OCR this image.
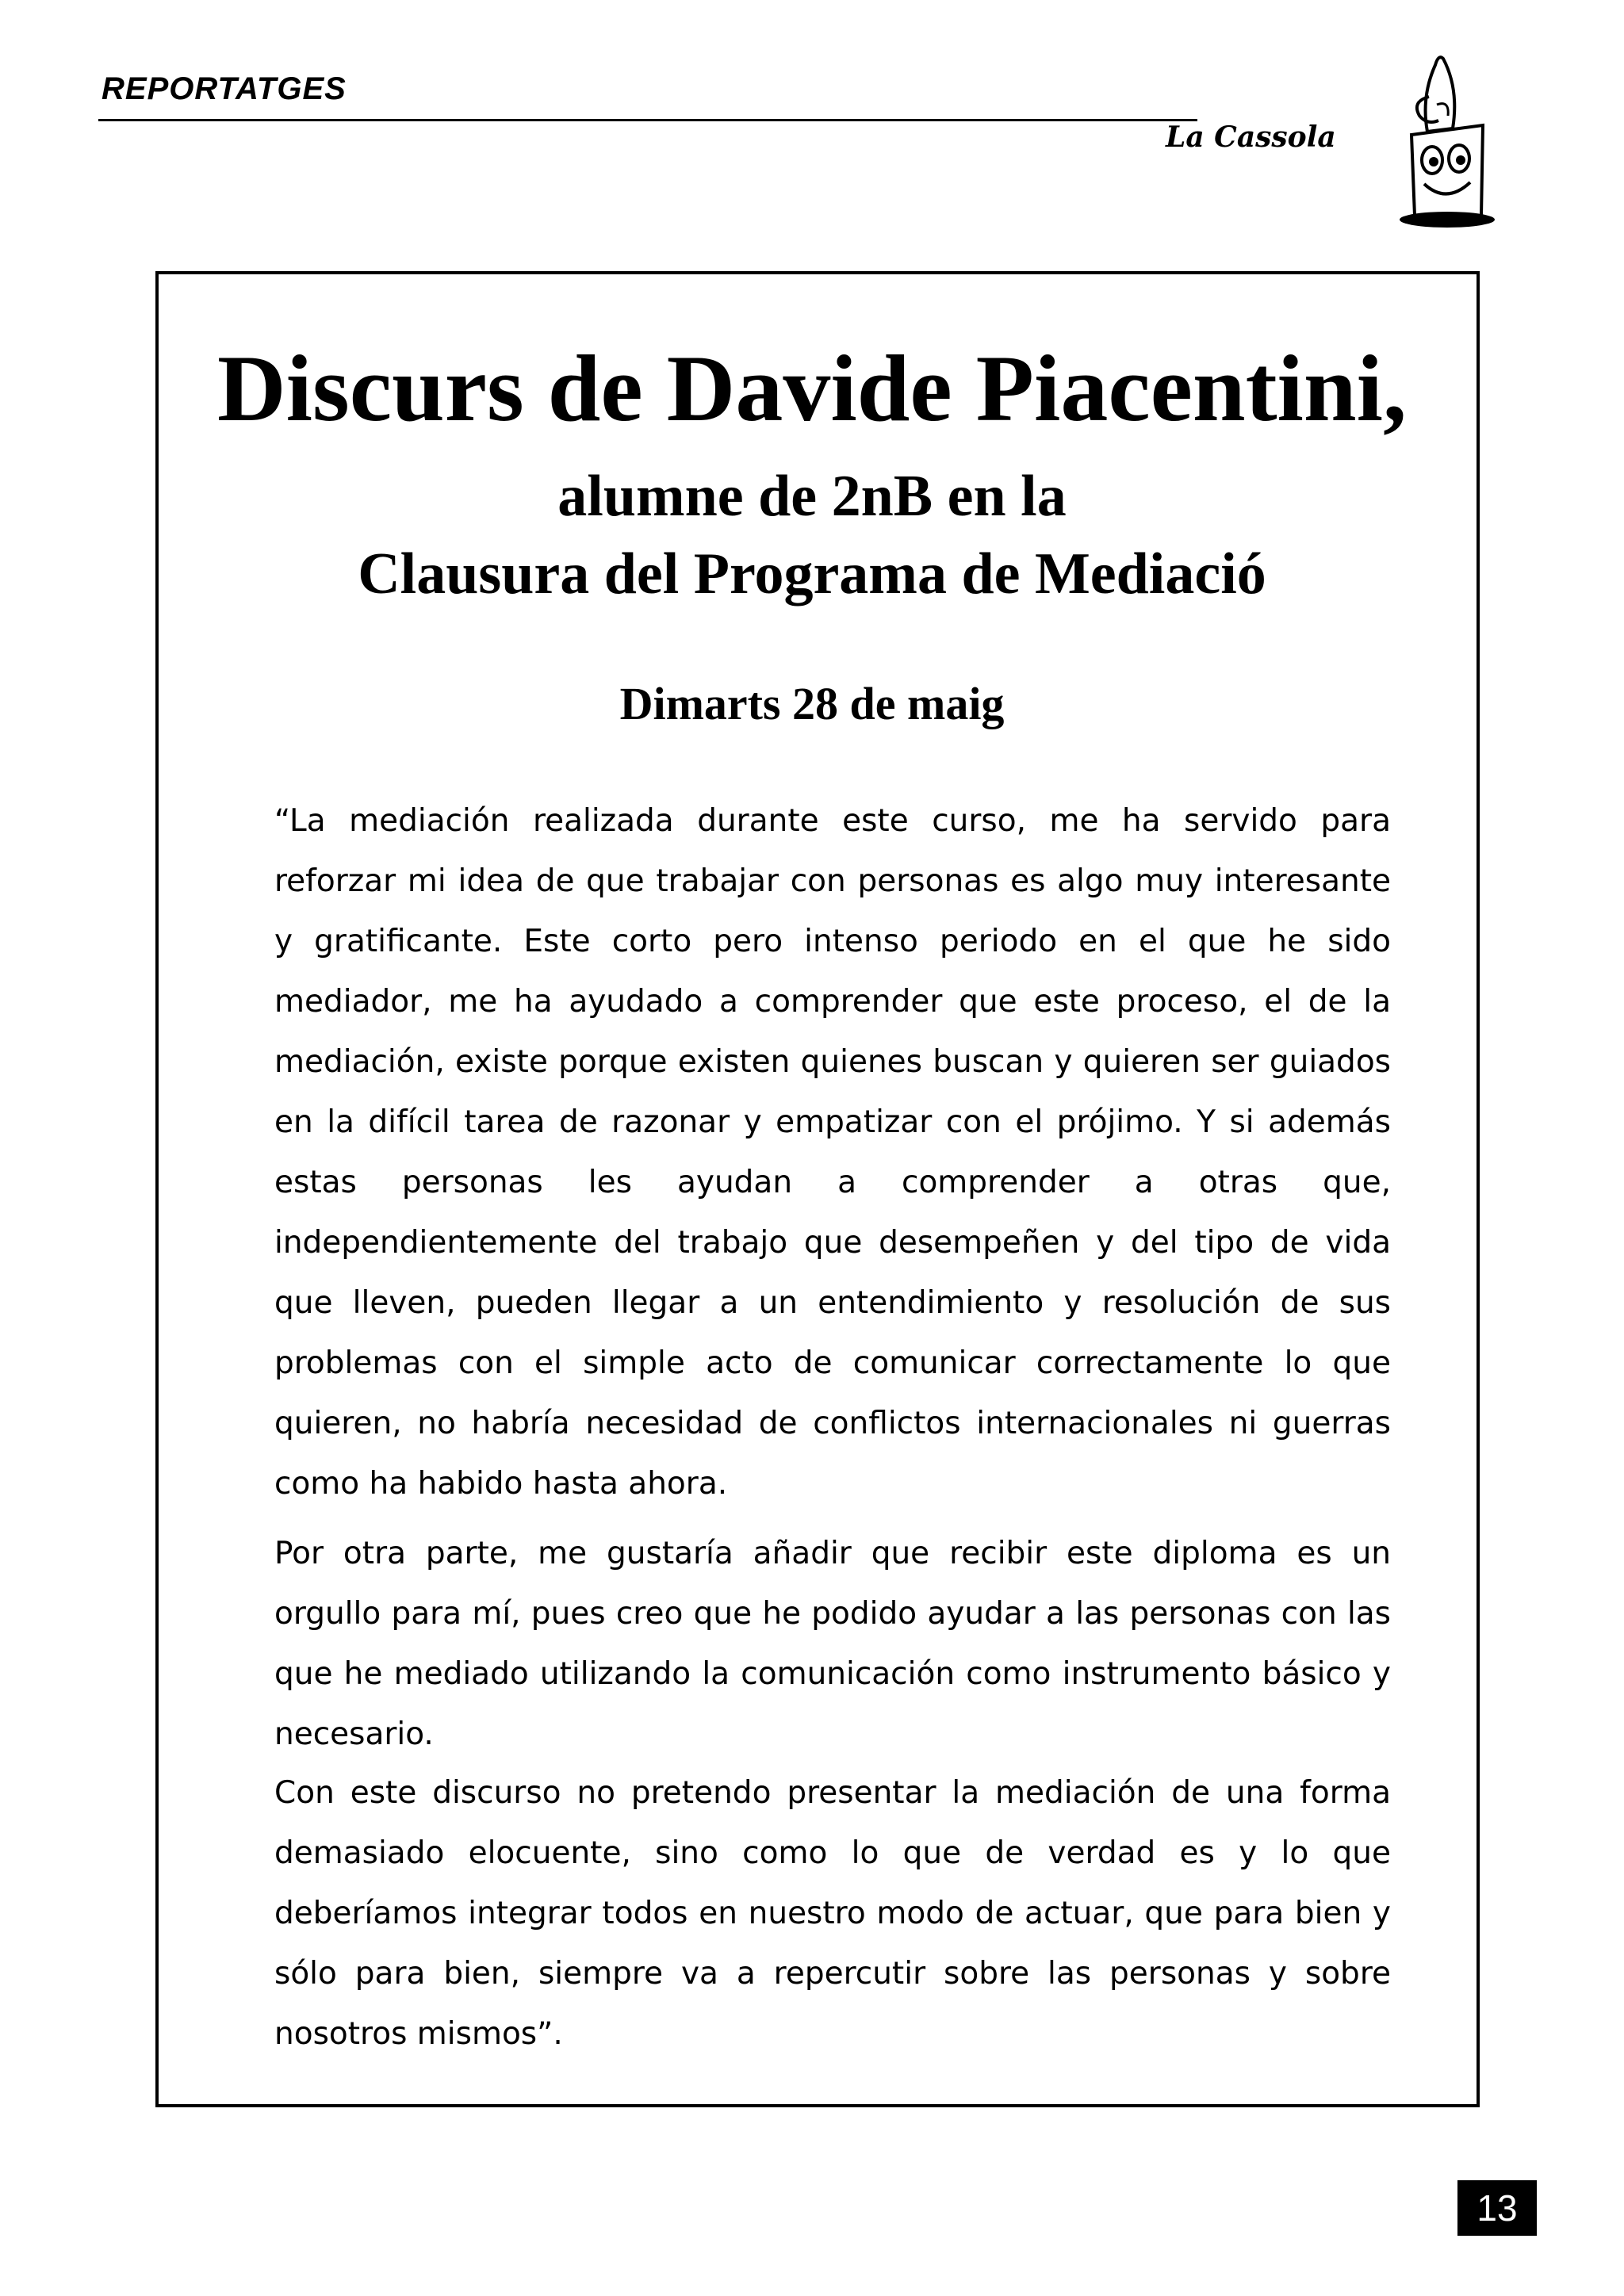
REPORTATGES
La Cassola
Discurs de Davide Piacentini,
alumne de 2nB en la
Clausura del Programa de Mediació
Dimarts 28 de maig
“La mediación realizada durante este curso, me ha servido para reforzar mi idea de que trabajar con personas es algo muy interesante y gratificante. Este corto pero intenso periodo en el que he sido mediador, me ha ayudado a comprender que este proceso, el de la mediación, existe porque existen quienes buscan y quieren ser guiados en la difícil tarea de razonar y empatizar con el prójimo. Y si además estas personas les ayudan a comprender a otras que, independientemente del trabajo que desempeñen y del tipo de vida que lleven, pueden llegar a un entendimiento y resolución de sus problemas con el simple acto de comunicar correctamente lo que quieren, no habría necesidad de conflictos internacionales ni guerras como ha habido hasta ahora.
Por otra parte, me gustaría añadir que recibir este diploma es un orgullo para mí, pues creo que he podido ayudar a las personas con las que he mediado utilizando la comunicación como instrumento básico y necesario.
Con este discurso no pretendo presentar la mediación de una forma demasiado elocuente, sino como lo que de verdad es y lo que deberíamos integrar todos en nuestro modo de actuar, que para bien y sólo para bien, siempre va a repercutir sobre las personas y sobre nosotros mismos”.
13
